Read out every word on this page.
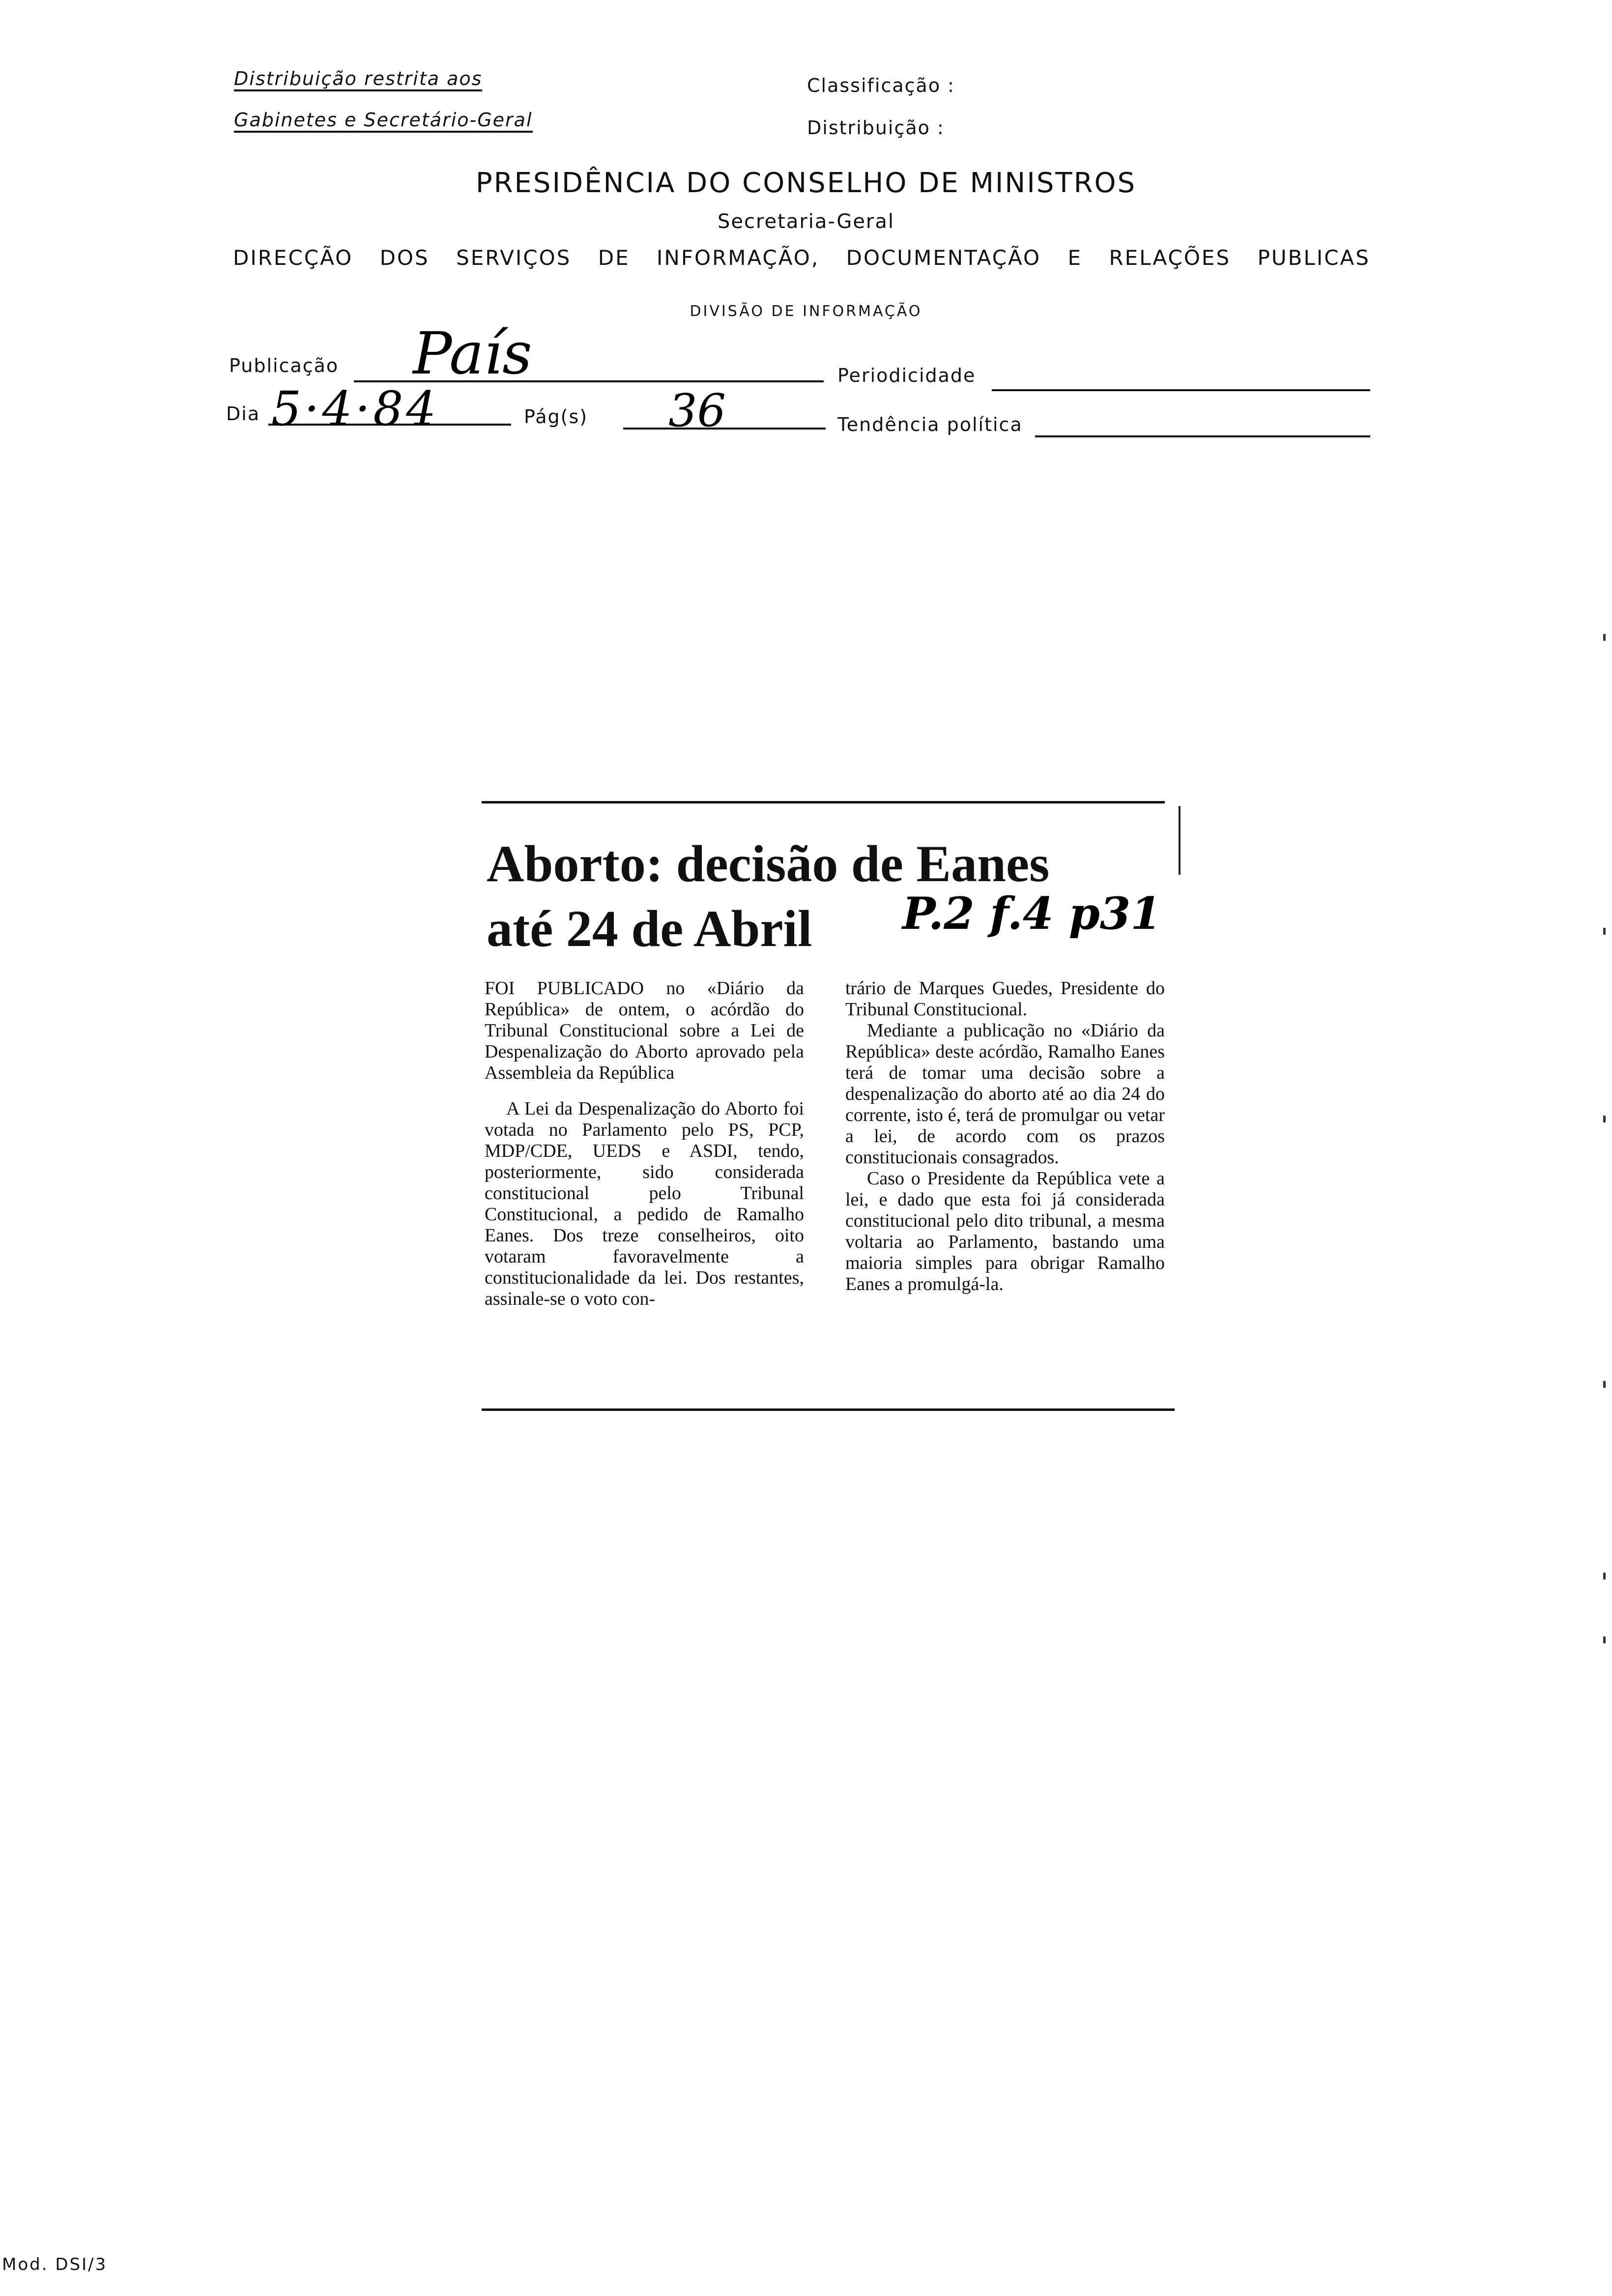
Distribuição restrita aos
Gabinetes e Secretário-Geral
Classificação :
Distribuição :
PRESIDÊNCIA DO CONSELHO DE MINISTROS
Secretaria-Geral
DIRECÇÃO DOS SERVIÇOS DE INFORMAÇÃO, DOCUMENTAÇÃO E RELAÇÕES PUBLICAS
DIVISÃO DE INFORMAÇÃO
Publicação País	Periodicidade
Dia 5·4·84	Pág(s) 36	Tendência política
Aborto: decisão de Eanes
até 24 de Abril	P.2 f.4 p31

FOI PUBLICADO no «Diário da República» de ontem, o acórdão do Tribunal Constitucional sobre a Lei de Despenalização do Aborto aprovado pela Assembleia da República

A Lei da Despenalização do Aborto foi votada no Parlamento pelo PS, PCP, MDP/CDE, UEDS e ASDI, tendo, posteriormente, sido considerada constitucional pelo Tribunal Constitucional, a pedido de Ramalho Eanes. Dos treze conselheiros, oito votaram favoravelmente a constitucionalidade da lei. Dos restantes, assinale-se o voto con-

trário de Marques Guedes, Presidente do Tribunal Constitucional.

Mediante a publicação no «Diário da República» deste acórdão, Ramalho Eanes terá de tomar uma decisão sobre a despenalização do aborto até ao dia 24 do corrente, isto é, terá de promulgar ou vetar a lei, de acordo com os prazos constitucionais consagrados.

Caso o Presidente da República vete a lei, e dado que esta foi já considerada constitucional pelo dito tribunal, a mesma voltaria ao Parlamento, bastando uma maioria simples para obrigar Ramalho Eanes a promulgá-la.

Mod. DSI/3
